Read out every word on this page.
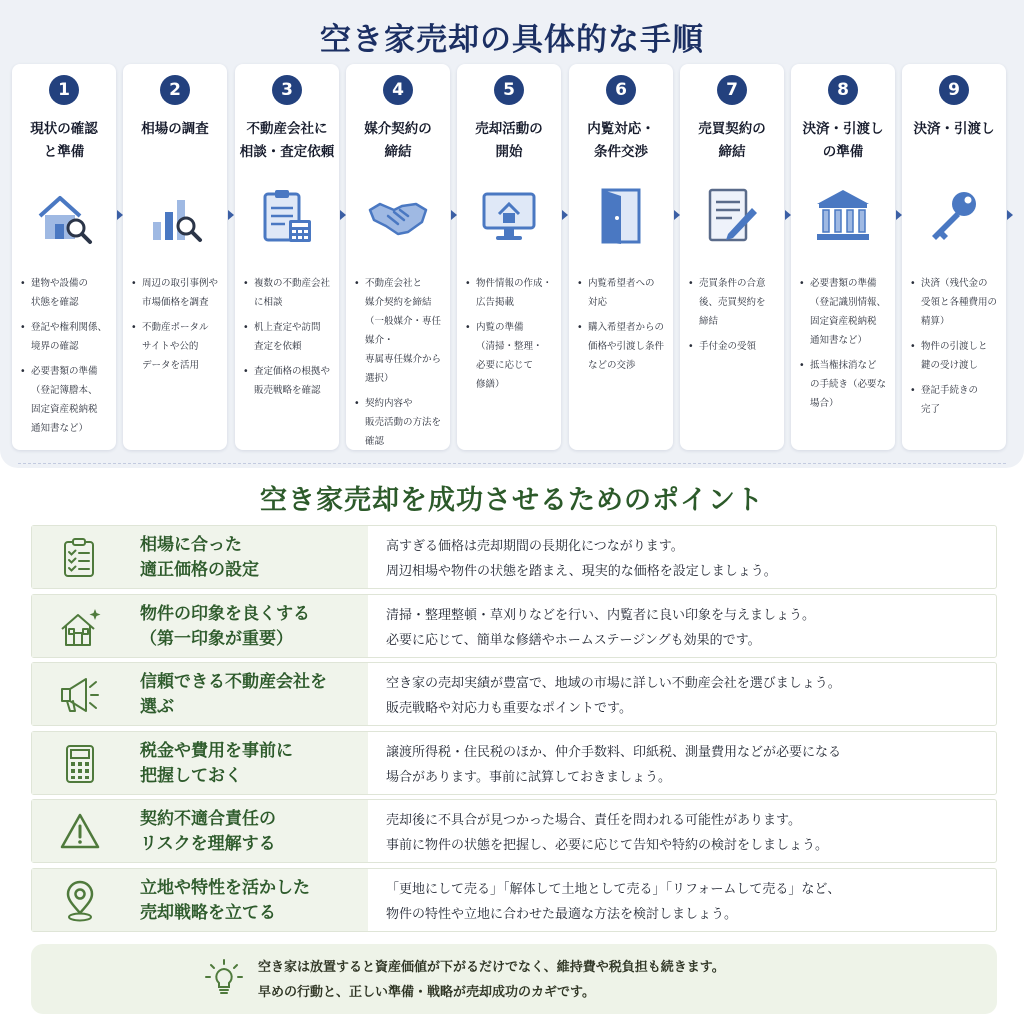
空き家売却の具体的な手順
1
現状の確認
と準備
• 建物や設備の
状態を確認
• 登記や権利関係、
境界の確認
• 必要書類の準備
（登記簿謄本、
固定資産税納税
通知書など）
2
相場の調査
• 周辺の取引事例や
市場価格を調査
• 不動産ポータル
サイトや公的
データを活用
3
不動産会社に
相談・査定依頼
• 複数の不動産会社
に相談
• 机上査定や訪問
査定を依頼
• 査定価格の根拠や
販売戦略を確認
4
媒介契約の
締結
• 不動産会社と
媒介契約を締結
（一般媒介・専任媒介・
専属専任媒介から
選択）
• 契約内容や
販売活動の方法を
確認
5
売却活動の
開始
• 物件情報の作成・
広告掲載
• 内覧の準備
（清掃・整理・
必要に応じて
修繕）
6
内覧対応・
条件交渉
• 内覧希望者への
対応
• 購入希望者からの
価格や引渡し条件
などの交渉
7
売買契約の
締結
• 売買条件の合意
後、売買契約を
締結
• 手付金の受領
8
決済・引渡し
の準備
• 必要書類の準備
（登記識別情報、
固定資産税納税
通知書など）
• 抵当権抹消など
の手続き（必要な
場合）
9
決済・引渡し
• 決済（残代金の
受領と各種費用の
精算）
• 物件の引渡しと
鍵の受け渡し
• 登記手続きの
完了
空き家売却を成功させるためのポイント
相場に合った
適正価格の設定
高すぎる価格は売却期間の長期化につながります。
周辺相場や物件の状態を踏まえ、現実的な価格を設定しましょう。
物件の印象を良くする
（第一印象が重要）
清掃・整理整頓・草刈りなどを行い、内覧者に良い印象を与えましょう。
必要に応じて、簡単な修繕やホームステージングも効果的です。
信頼できる不動産会社を
選ぶ
空き家の売却実績が豊富で、地域の市場に詳しい不動産会社を選びましょう。
販売戦略や対応力も重要なポイントです。
税金や費用を事前に
把握しておく
譲渡所得税・住民税のほか、仲介手数料、印紙税、測量費用などが必要になる
場合があります。事前に試算しておきましょう。
契約不適合責任の
リスクを理解する
売却後に不具合が見つかった場合、責任を問われる可能性があります。
事前に物件の状態を把握し、必要に応じて告知や特約の検討をしましょう。
立地や特性を活かした
売却戦略を立てる
「更地にして売る」「解体して土地として売る」「リフォームして売る」など、
物件の特性や立地に合わせた最適な方法を検討しましょう。
空き家は放置すると資産価値が下がるだけでなく、維持費や税負担も続きます。
早めの行動と、正しい準備・戦略が売却成功のカギです。
